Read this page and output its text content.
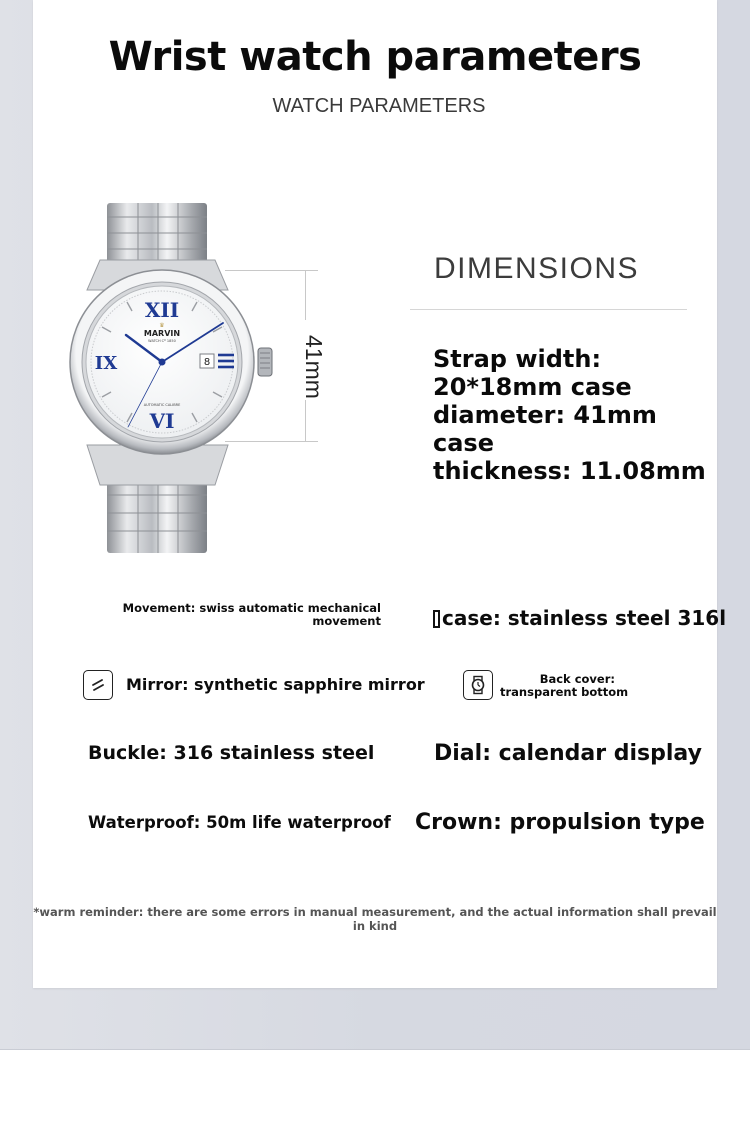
Wrist watch parameters
WATCH PARAMETERS
XII
VI
IX	8
♛
MARVIN
WATCH Cº 1850
AUTOMATIC CALIBRE
41mm
DIMENSIONS
Strap width:
20*18mm case
diameter: 41mm case
thickness: 11.08mm
Movement: swiss automatic mechanical
movement	case: stainless steel 316l
Mirror: synthetic sapphire mirror	Back cover:
transparent bottom
Buckle: 316 stainless steel	Dial: calendar display
Waterproof: 50m life waterproof Crown: propulsion type
*warm reminder: there are some errors in manual measurement, and the actual information shall prevail in kind
